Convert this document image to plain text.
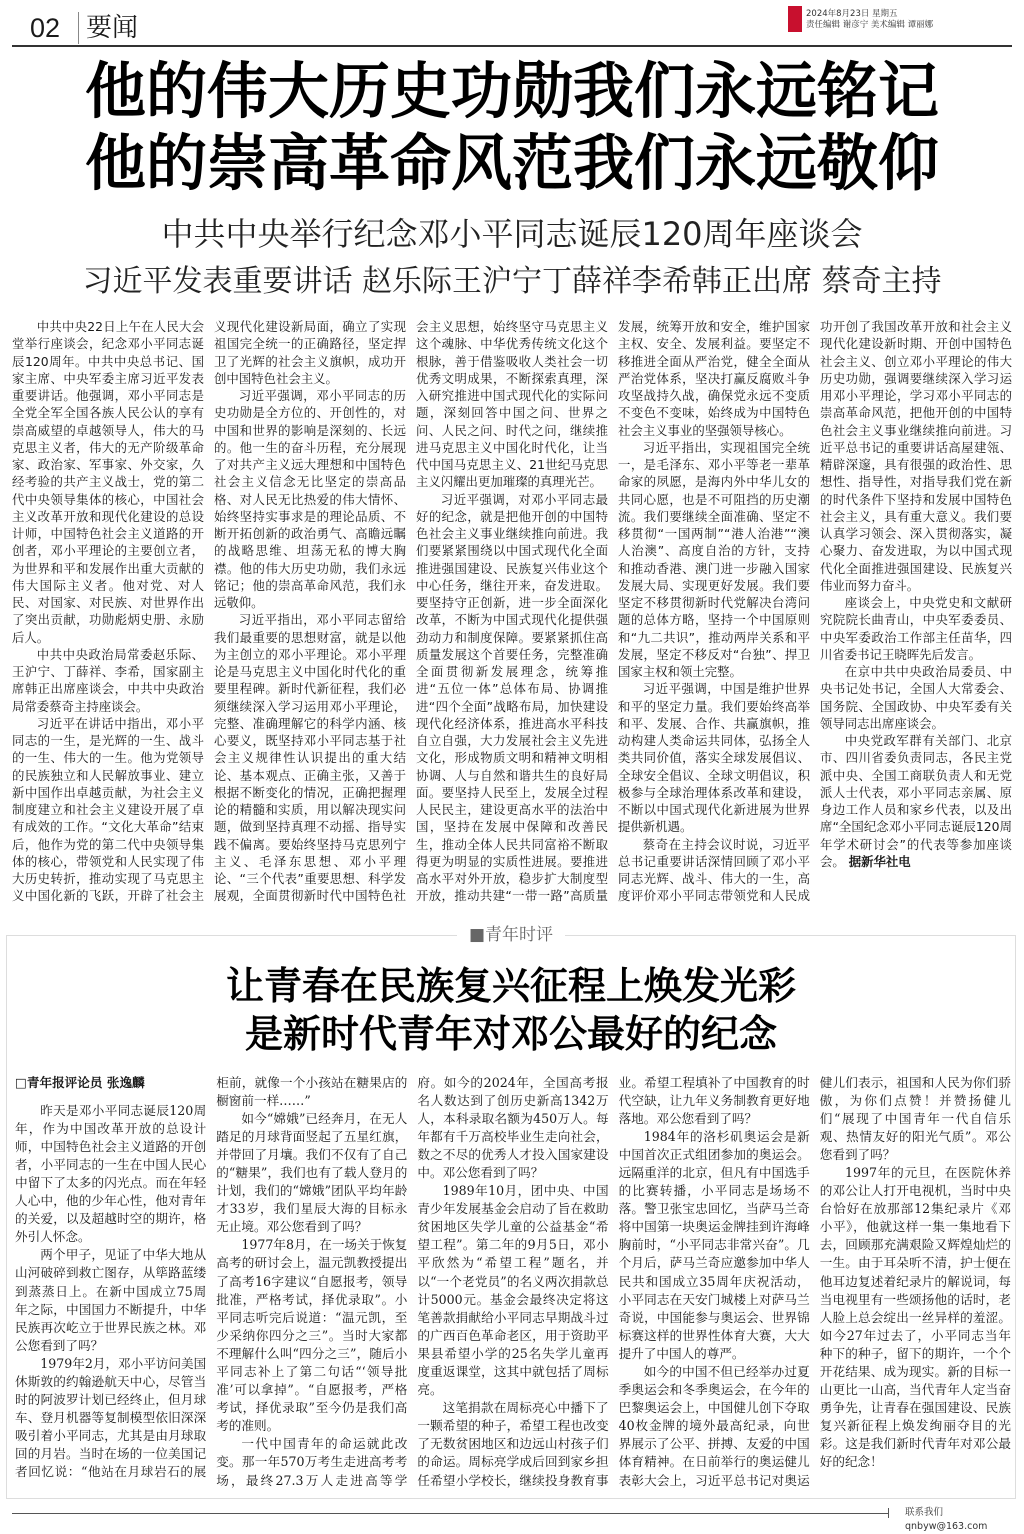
02 要闻	2024年8月23日 星期五
责任编辑 谢彦宁 美术编辑 谭丽娜
他的伟大历史功勋我们永远铭记
他的崇高革命风范我们永远敬仰
中共中央举行纪念邓小平同志诞辰120周年座谈会
习近平发表重要讲话 赵乐际王沪宁丁薛祥李希韩正出席 蔡奇主持

中共中央22日上午在人民大会堂举行座谈会，纪念邓小平同志诞辰120周年。中共中央总书记、国家主席、中央军委主席习近平发表重要讲话。他强调，邓小平同志是全党全军全国各族人民公认的享有崇高威望的卓越领导人，伟大的马克思主义者，伟大的无产阶级革命家、政治家、军事家、外交家，久经考验的共产主义战士，党的第二代中央领导集体的核心，中国社会主义改革开放和现代化建设的总设计师，中国特色社会主义道路的开创者，邓小平理论的主要创立者，为世界和平和发展作出重大贡献的伟大国际主义者。他对党、对人民、对国家、对民族、对世界作出了突出贡献，功勋彪炳史册、永励后人。

中共中央政治局常委赵乐际、王沪宁、丁薛祥、李希，国家副主席韩正出席座谈会，中共中央政治局常委蔡奇主持座谈会。

习近平在讲话中指出，邓小平同志的一生，是光辉的一生、战斗的一生、伟大的一生。他为党领导的民族独立和人民解放事业、建立新中国作出卓越贡献，为社会主义制度建立和社会主义建设开展了卓有成效的工作。“文化大革命”结束后，他作为党的第二代中央领导集体的核心，带领党和人民实现了伟大历史转折，推动实现了马克思主义中国化新的飞跃，开辟了社会主义现代化建设新局面，确立了实现祖国完全统一的正确路径，坚定捍卫了光辉的社会主义旗帜，成功开创中国特色社会主义。

习近平强调，邓小平同志的历史功勋是全方位的、开创性的，对中国和世界的影响是深刻的、长远的。他一生的奋斗历程，充分展现了对共产主义远大理想和中国特色社会主义信念无比坚定的崇高品格、对人民无比热爱的伟大情怀、始终坚持实事求是的理论品质、不断开拓创新的政治勇气、高瞻远瞩的战略思维、坦荡无私的博大胸襟。他的伟大历史功勋，我们永远铭记；他的崇高革命风范，我们永远敬仰。

习近平指出，邓小平同志留给我们最重要的思想财富，就是以他为主创立的邓小平理论。邓小平理论是马克思主义中国化时代化的重要里程碑。新时代新征程，我们必须继续深入学习运用邓小平理论，完整、准确理解它的科学内涵、核心要义，既坚持邓小平同志基于社会主义规律性认识提出的重大结论、基本观点、正确主张，又善于根据不断变化的情况，正确把握理论的精髓和实质，用以解决现实问题，做到坚持真理不动摇、指导实践不偏离。要始终坚持马克思列宁主义、毛泽东思想、邓小平理论、“三个代表”重要思想、科学发展观，全面贯彻新时代中国特色社会主义思想，始终坚守马克思主义这个魂脉、中华优秀传统文化这个根脉，善于借鉴吸收人类社会一切优秀文明成果，不断探索真理，深入研究推进中国式现代化的实际问题，深刻回答中国之问、世界之问、人民之问、时代之问，继续推进马克思主义中国化时代化，让当代中国马克思主义、21世纪马克思主义闪耀出更加璀璨的真理光芒。

习近平强调，对邓小平同志最好的纪念，就是把他开创的中国特色社会主义事业继续推向前进。我们要紧紧围绕以中国式现代化全面推进强国建设、民族复兴伟业这个中心任务，继往开来，奋发进取。要坚持守正创新，进一步全面深化改革，不断为中国式现代化提供强劲动力和制度保障。要紧紧抓住高质量发展这个首要任务，完整准确全面贯彻新发展理念，统筹推进“五位一体”总体布局、协调推进“四个全面”战略布局，加快建设现代化经济体系，推进高水平科技自立自强，大力发展社会主义先进文化，形成物质文明和精神文明相协调、人与自然和谐共生的良好局面。要坚持人民至上，发展全过程人民民主，建设更高水平的法治中国，坚持在发展中保障和改善民生，推动全体人民共同富裕不断取得更为明显的实质性进展。要推进高水平对外开放，稳步扩大制度型开放，推动共建“一带一路”高质量发展，统筹开放和安全，维护国家主权、安全、发展利益。要坚定不移推进全面从严治党，健全全面从严治党体系，坚决打赢反腐败斗争攻坚战持久战，确保党永远不变质不变色不变味，始终成为中国特色社会主义事业的坚强领导核心。

习近平指出，实现祖国完全统一，是毛泽东、邓小平等老一辈革命家的夙愿，是海内外中华儿女的共同心愿，也是不可阻挡的历史潮流。我们要继续全面准确、坚定不移贯彻“一国两制”“港人治港”“澳人治澳”、高度自治的方针，支持和推动香港、澳门进一步融入国家发展大局、实现更好发展。我们要坚定不移贯彻新时代党解决台湾问题的总体方略，坚持一个中国原则和“九二共识”，推动两岸关系和平发展，坚定不移反对“台独”、捍卫国家主权和领土完整。

习近平强调，中国是维护世界和平的坚定力量。我们要始终高举和平、发展、合作、共赢旗帜，推动构建人类命运共同体，弘扬全人类共同价值，落实全球发展倡议、全球安全倡议、全球文明倡议，积极参与全球治理体系改革和建设，不断以中国式现代化新进展为世界提供新机遇。

蔡奇在主持会议时说，习近平总书记重要讲话深情回顾了邓小平同志光辉、战斗、伟大的一生，高度评价邓小平同志带领党和人民成功开创了我国改革开放和社会主义现代化建设新时期、开创中国特色社会主义、创立邓小平理论的伟大历史功勋，强调要继续深入学习运用邓小平理论，学习邓小平同志的崇高革命风范，把他开创的中国特色社会主义事业继续推向前进。习近平总书记的重要讲话高屋建瓴、精辟深邃，具有很强的政治性、思想性、指导性，对指导我们党在新的时代条件下坚持和发展中国特色社会主义，具有重大意义。我们要认真学习领会、深入贯彻落实，凝心聚力、奋发进取，为以中国式现代化全面推进强国建设、民族复兴伟业而努力奋斗。

座谈会上，中央党史和文献研究院院长曲青山，中央军委委员、中央军委政治工作部主任苗华，四川省委书记王晓晖先后发言。

在京中共中央政治局委员、中央书记处书记，全国人大常委会、国务院、全国政协、中央军委有关领导同志出席座谈会。

中央党政军群有关部门、北京市、四川省委负责同志，各民主党派中央、全国工商联负责人和无党派人士代表，邓小平同志亲属、原身边工作人员和家乡代表，以及出席“全国纪念邓小平同志诞辰120周年学术研讨会”的代表等参加座谈会。 据新华社电

■青年时评
让青春在民族复兴征程上焕发光彩
是新时代青年对邓公最好的纪念

□青年报评论员 张逸麟

昨天是邓小平同志诞辰120周年，作为中国改革开放的总设计师，中国特色社会主义道路的开创者，小平同志的一生在中国人民心中留下了太多的闪光点。而在年轻人心中，他的少年心性，他对青年的关爱，以及超越时空的期许，格外引人怀念。

两个甲子，见证了中华大地从山河破碎到救亡图存，从筚路蓝缕到蒸蒸日上。在新中国成立75周年之际，中国国力不断提升，中华民族再次屹立于世界民族之林。邓公您看到了吗？

1979年2月，邓小平访问美国休斯敦的约翰逊航天中心，尽管当时的阿波罗计划已经终止，但月球车、登月机器等复制模型依旧深深吸引着小平同志，尤其是由月球取回的月岩。当时在场的一位美国记者回忆说：“他站在月球岩石的展柜前，就像一个小孩站在糖果店的橱窗前一样……”

如今“嫦娥”已经奔月，在无人踏足的月球背面竖起了五星红旗，并带回了月壤。我们不仅有了自己的“糖果”，我们也有了载人登月的计划，我们的“嫦娥”团队平均年龄才33岁，我们星辰大海的目标永无止境。邓公您看到了吗？

1977年8月，在一场关于恢复高考的研讨会上，温元凯教授提出了高考16字建议“自愿报考，领导批准，严格考试，择优录取”。小平同志听完后说道：“温元凯，至少采纳你四分之三”。当时大家都不理解什么叫“四分之三”，随后小平同志补上了第二句话“‘领导批准’可以拿掉”。“自愿报考，严格考试，择优录取”至今仍是我们高考的准则。

一代中国青年的命运就此改变。那一年570万考生走进高考考场，最终27.3万人走进高等学府。如今的2024年，全国高考报名人数达到了创历史新高1342万人，本科录取名额为450万人。每年都有千万高校毕业生走向社会，数之不尽的优秀人才投入国家建设中。邓公您看到了吗？

1989年10月，团中央、中国青少年发展基金会启动了旨在救助贫困地区失学儿童的公益基金“希望工程”。第二年的9月5日，邓小平欣然为“希望工程”题名，并以“一个老党员”的名义两次捐款总计5000元。基金会最终决定将这笔善款捐献给小平同志早期战斗过的广西百色革命老区，用于资助平果县希望小学的25名失学儿童再度重返课堂，这其中就包括了周标亮。

这笔捐款在周标亮心中播下了一颗希望的种子，希望工程也改变了无数贫困地区和边远山村孩子们的命运。周标亮学成后回到家乡担任希望小学校长，继续投身教育事业。希望工程填补了中国教育的时代空缺，让九年义务制教育更好地落地。邓公您看到了吗？

1984年的洛杉矶奥运会是新中国首次正式组团参加的奥运会。远隔重洋的北京，但凡有中国选手的比赛转播，小平同志是场场不落。警卫张宝忠回忆，当萨马兰奇将中国第一块奥运金牌挂到许海峰胸前时，“小平同志非常兴奋”。几个月后，萨马兰奇应邀参加中华人民共和国成立35周年庆祝活动，小平同志在天安门城楼上对萨马兰奇说，中国能参与奥运会、世界锦标赛这样的世界性体育大赛，大大提升了中国人的尊严。

如今的中国不但已经举办过夏季奥运会和冬季奥运会，在今年的巴黎奥运会上，中国健儿创下夺取40枚金牌的境外最高纪录，向世界展示了公平、拼搏、友爱的中国体育精神。在日前举行的奥运健儿表彰大会上，习近平总书记对奥运健儿们表示，祖国和人民为你们骄傲，为你们点赞！并赞扬健儿们“展现了中国青年一代自信乐观、热情友好的阳光气质”。邓公您看到了吗？

1997年的元旦，在医院休养的邓公让人打开电视机，当时中央台恰好在放那部12集纪录片《邓小平》，他就这样一集一集地看下去，回顾那充满艰险又辉煌灿烂的一生。由于耳朵听不清，护士便在他耳边复述着纪录片的解说词，每当电视里有一些颂扬他的话时，老人脸上总会绽出一丝异样的羞涩。如今27年过去了，小平同志当年种下的种子，留下的期许，一个个开花结果、成为现实。新的目标一山更比一山高，当代青年人定当奋勇争先，让青春在强国建设、民族复兴新征程上焕发绚丽夺目的光彩。这是我们新时代青年对邓公最好的纪念！

联系我们 qnbyw@163.com
